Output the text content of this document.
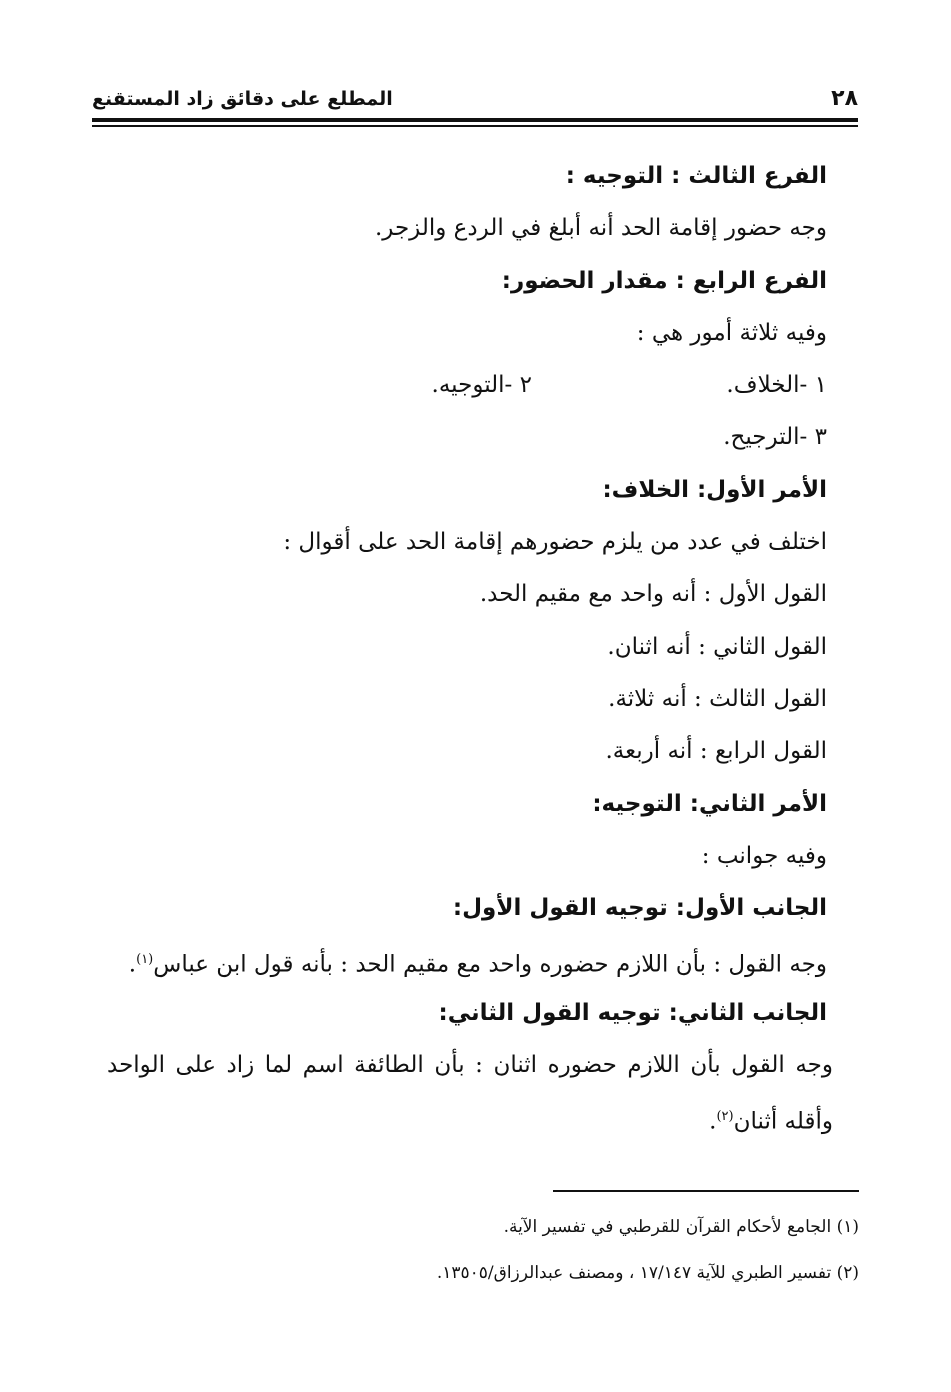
٢٨
المطلع على دقائق زاد المستقنع
الفرع الثالث : التوجيه :
وجه حضور إقامة الحد أنه أبلغ في الردع والزجر.
الفرع الرابع : مقدار الحضور:
وفيه ثلاثة أمور هي :
١ -الخلاف.٢ -التوجيه.
٣ -الترجيح.
الأمر الأول: الخلاف:
اختلف في عدد من يلزم حضورهم إقامة الحد على أقوال :
القول الأول : أنه واحد مع مقيم الحد.
القول الثاني : أنه اثنان.
القول الثالث : أنه ثلاثة.
القول الرابع : أنه أربعة.
الأمر الثاني: التوجيه:
وفيه جوانب :
الجانب الأول: توجيه القول الأول:
وجه القول : بأن اللازم حضوره واحد مع مقيم الحد : بأنه قول ابن عباس$^{(١)}$.
الجانب الثاني: توجيه القول الثاني:
وجه القول بأن اللازم حضوره اثنان : بأن الطائفة اسم لما زاد على الواحد وأقله أثنان$^{(٢)}$.
(١) الجامع لأحكام القرآن للقرطبي في تفسير الآية.
(٢) تفسير الطبري للآية ١٧/١٤٧ ، ومصنف عبدالرزاق/١٣٥٠٥.
